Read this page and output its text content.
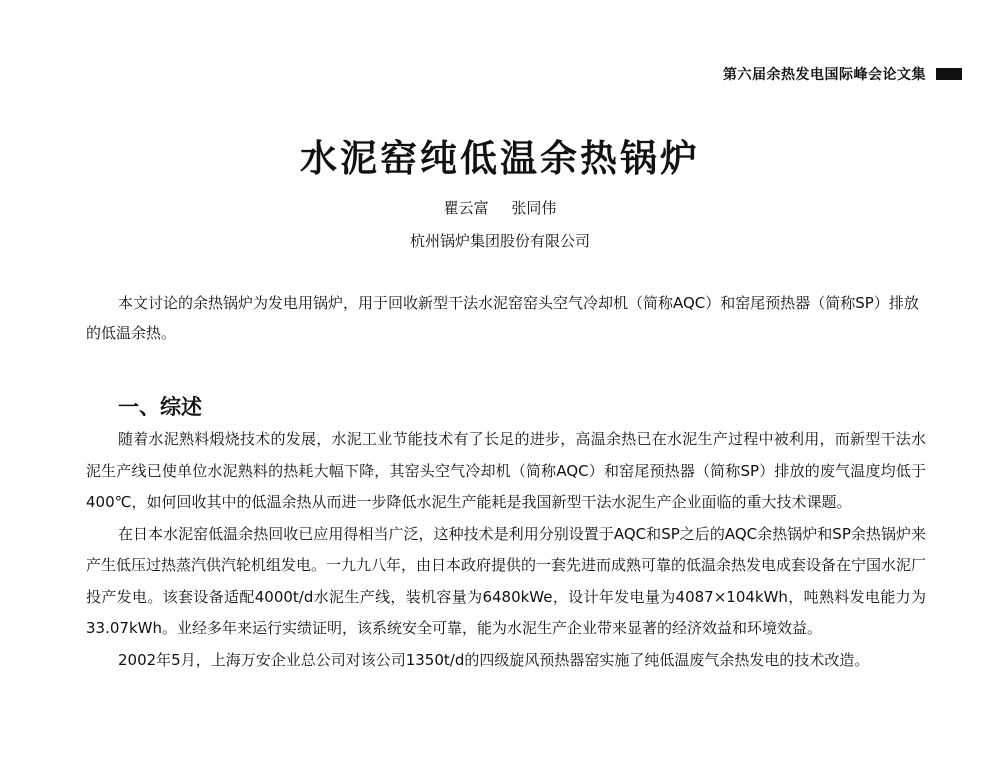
第六届余热发电国际峰会论文集
水泥窑纯低温余热锅炉
瞿云富 张同伟
杭州锅炉集团股份有限公司

本文讨论的余热锅炉为发电用锅炉，用于回收新型干法水泥窑窑头空气冷却机（简称AQC）和窑尾预热器（简称SP）排放的低温余热。

一、综述

随着水泥熟料煅烧技术的发展，水泥工业节能技术有了长足的进步，高温余热已在水泥生产过程中被利用，而新型干法水泥生产线已使单位水泥熟料的热耗大幅下降，其窑头空气冷却机（简称AQC）和窑尾预热器（简称SP）排放的废气温度均低于400℃，如何回收其中的低温余热从而进一步降低水泥生产能耗是我国新型干法水泥生产企业面临的重大技术课题。

在日本水泥窑低温余热回收已应用得相当广泛，这种技术是利用分别设置于AQC和SP之后的AQC余热锅炉和SP余热锅炉来产生低压过热蒸汽供汽轮机组发电。一九九八年，由日本政府提供的一套先进而成熟可靠的低温余热发电成套设备在宁国水泥厂投产发电。该套设备适配4000t/d水泥生产线，装机容量为6480kWe，设计年发电量为4087×104kWh，吨熟料发电能力为33.07kWh。业经多年来运行实绩证明，该系统安全可靠，能为水泥生产企业带来显著的经济效益和环境效益。

2002年5月，上海万安企业总公司对该公司1350t/d的四级旋风预热器窑实施了纯低温废气余热发电的技术改造。
